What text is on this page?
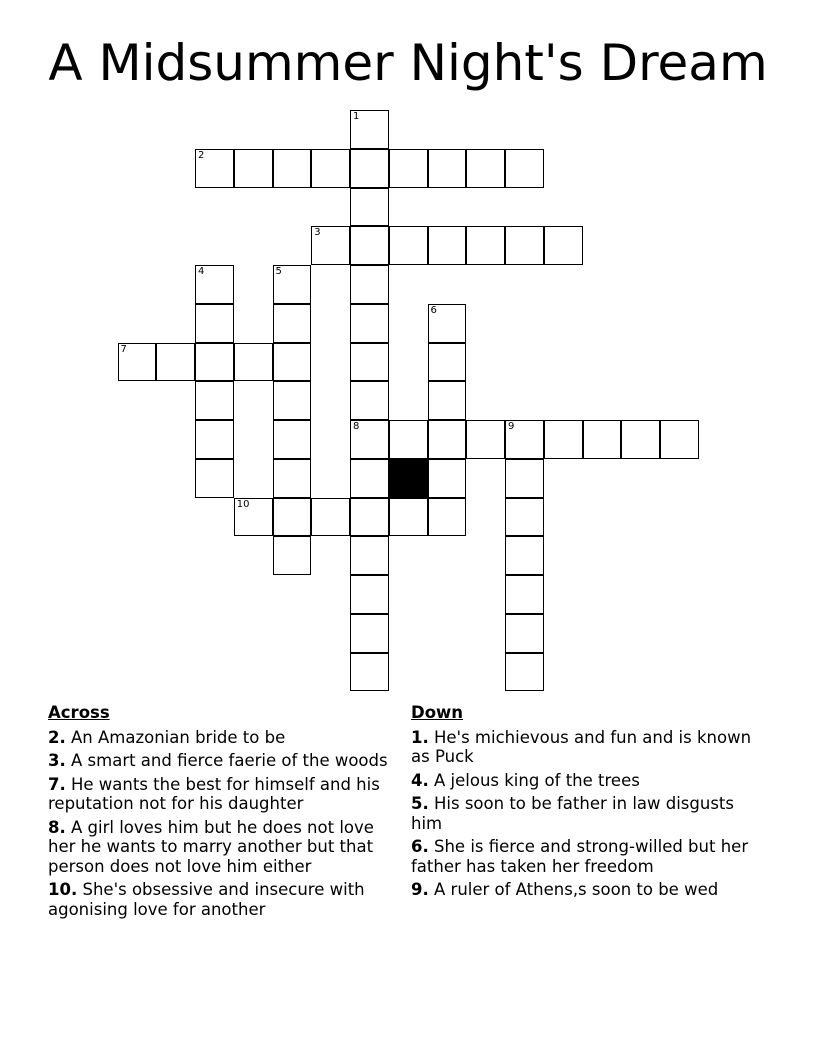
A Midsummer Night's Dream
2
3
7
8	9
10
1
4	5
6
Across
2. An Amazonian bride to be
3. A smart and fierce faerie of the woods
7. He wants the best for himself and his reputation not for his daughter
8. A girl loves him but he does not love her he wants to marry another but that person does not love him either
10. She's obsessive and insecure with agonising love for another
Down
1. He's michievous and fun and is known as Puck
4. A jelous king of the trees
5. His soon to be father in law disgusts him
6. She is fierce and strong-willed but her father has taken her freedom
9. A ruler of Athens,s soon to be wed
